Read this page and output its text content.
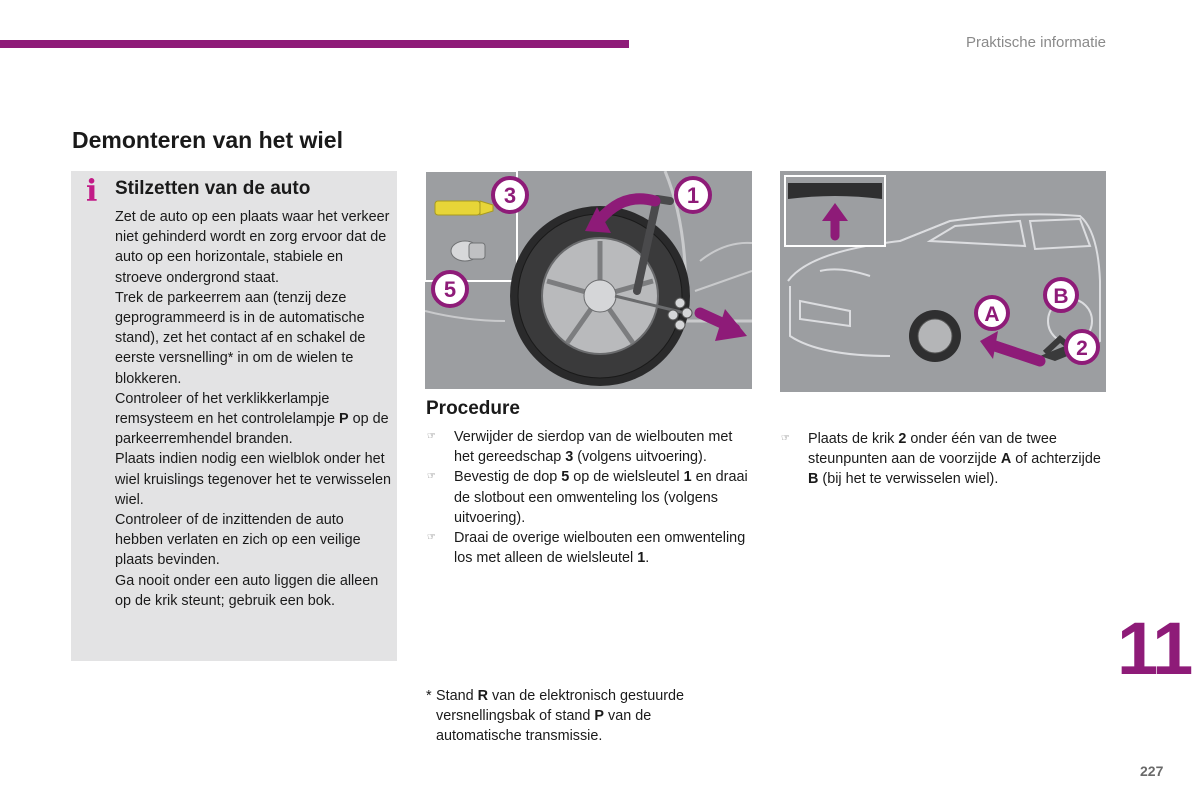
Praktische informatie
Demonteren van het wiel
i Stilzetten van de auto

Zet de auto op een plaats waar het verkeer niet gehinderd wordt en zorg ervoor dat de auto op een horizontale, stabiele en stroeve ondergrond staat.

Trek de parkeerrem aan (tenzij deze geprogrammeerd is in de automatische stand), zet het contact af en schakel de eerste versnelling* in om de wielen te blokkeren.

Controleer of het verklikkerlampje remsysteem en het controlelampje P op de parkeerremhendel branden.

Plaats indien nodig een wielblok onder het wiel kruislings tegenover het te verwisselen wiel.

Controleer of de inzittenden de auto hebben verlaten en zich op een veilige plaats bevinden.

Ga nooit onder een auto liggen die alleen op de krik steunt; gebruik een bok.

3	1
5
A
B
2
Procedure
☞ Verwijder de sierdop van de wielbouten met het gereedschap 3 (volgens uitvoering).
☞ Bevestig de dop 5 op de wielsleutel 1 en draai de slotbout een omwenteling los (volgens uitvoering).
☞ Draai de overige wielbouten een omwenteling los met alleen de wielsleutel 1.
☞ Plaats de krik 2 onder één van de twee steunpunten aan de voorzijde A of achterzijde B (bij het te verwisselen wiel).
* Stand R van de elektronisch gestuurde versnellingsbak of stand P van de automatische transmissie.
11
227
